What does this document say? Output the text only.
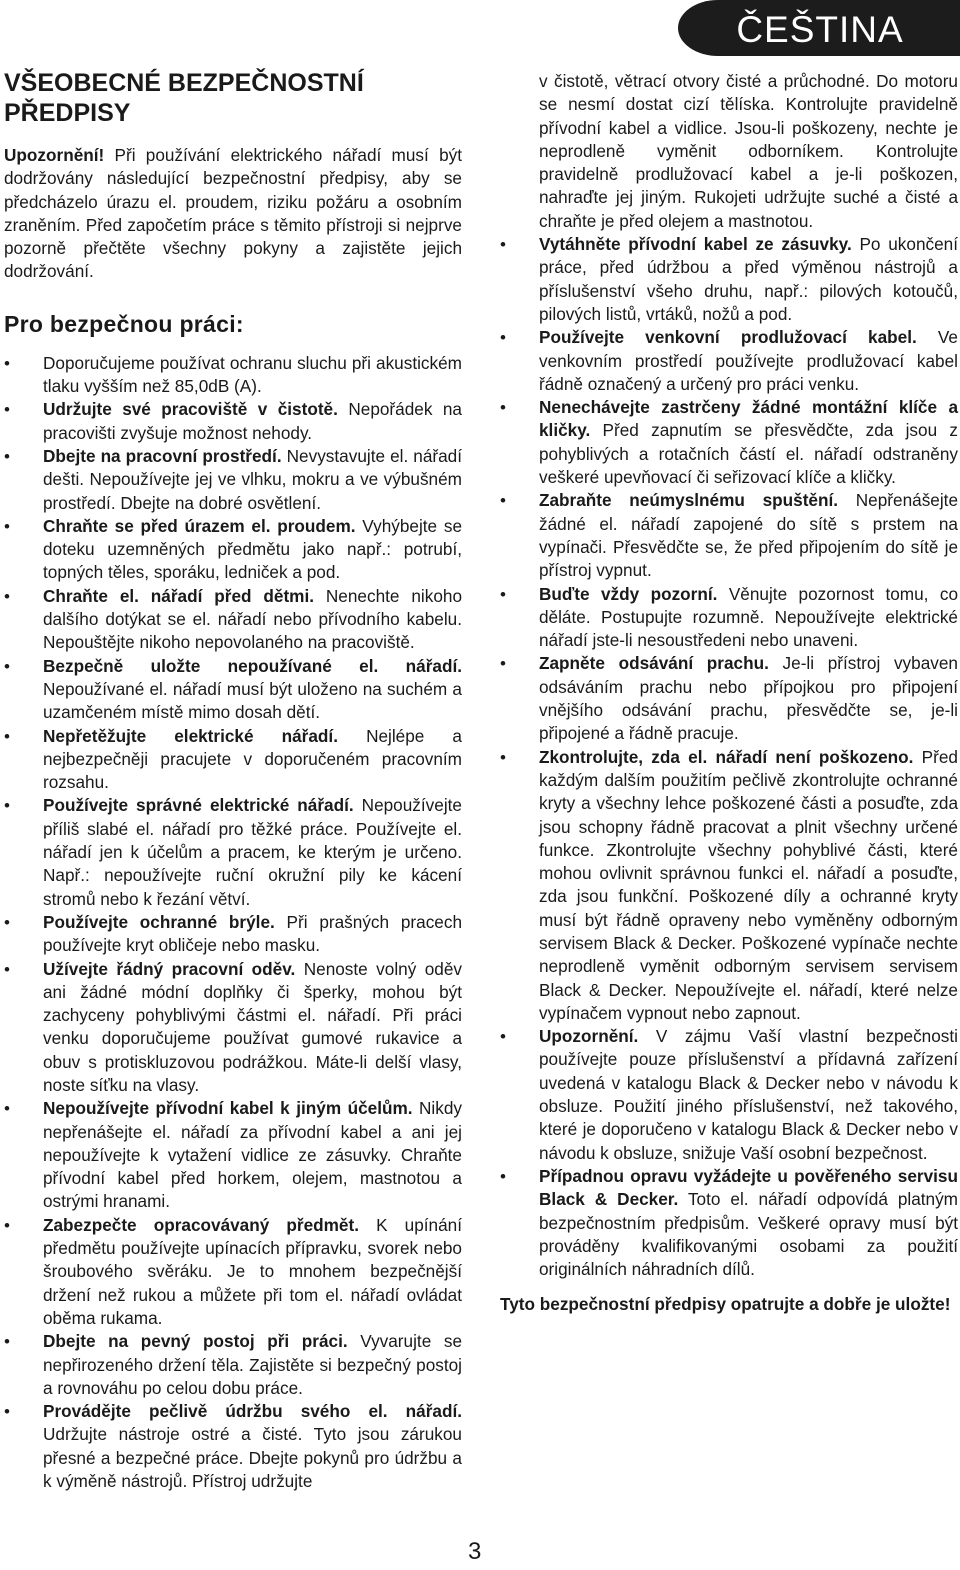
ČEŠTINA
VŠEOBECNÉ BEZPEČNOSTNÍ PŘEDPISY

Upozornění! Při používání elektrického nářadí musí být dodržovány následující bezpečnostní předpisy, aby se předcházelo úrazu el. proudem, riziku požáru a osobním zraněním. Před započetím práce s těmito přístroji si nejprve pozorně přečtěte všechny pokyny a zajistěte jejich dodržování.

Pro bezpečnou práci:
• Doporučujeme používat ochranu sluchu při akustickém tlaku vyšším než 85,0dB (A).
• Udržujte své pracoviště v čistotě. Nepořádek na pracovišti zvyšuje možnost nehody.
• Dbejte na pracovní prostředí. Nevystavujte el. nářadí dešti. Nepoužívejte jej ve vlhku, mokru a ve výbušném prostředí. Dbejte na dobré osvětlení.
• Chraňte se před úrazem el. proudem. Vyhýbejte se doteku uzemněných předmětu jako např.: potrubí, topných těles, sporáku, ledniček a pod.
• Chraňte el. nářadí před dětmi. Nenechte nikoho dalšího dotýkat se el. nářadí nebo přívodního kabelu. Nepouštějte nikoho nepovolaného na pracoviště.
• Bezpečně uložte nepoužívané el. nářadí. Nepoužívané el. nářadí musí být uloženo na suchém a uzamčeném místě mimo dosah dětí.
• Nepřetěžujte elektrické nářadí. Nejlépe a nejbezpečněji pracujete v doporučeném pracovním rozsahu.
• Používejte správné elektrické nářadí. Nepoužívejte příliš slabé el. nářadí pro těžké práce. Používejte el. nářadí jen k účelům a pracem, ke kterým je určeno. Např.: nepoužívejte ruční okružní pily ke kácení stromů nebo k řezání větví.
• Používejte ochranné brýle. Při prašných pracech používejte kryt obličeje nebo masku.
• Užívejte řádný pracovní oděv. Nenoste volný oděv ani žádné módní doplňky či šperky, mohou být zachyceny pohyblivými částmi el. nářadí. Při práci venku doporučujeme používat gumové rukavice a obuv s protiskluzovou podrážkou. Máte-li delší vlasy, noste síťku na vlasy.
• Nepoužívejte přívodní kabel k jiným účelům. Nikdy nepřenášejte el. nářadí za přívodní kabel a ani jej nepoužívejte k vytažení vidlice ze zásuvky. Chraňte přívodní kabel před horkem, olejem, mastnotou a ostrými hranami.
• Zabezpečte opracovávaný předmět. K upínání předmětu používejte upínacích přípravku, svorek nebo šroubového svěráku. Je to mnohem bezpečnější držení než rukou a můžete při tom el. nářadí ovládat oběma rukama.
• Dbejte na pevný postoj při práci. Vyvarujte se nepřirozeného držení těla. Zajistěte si bezpečný postoj a rovnováhu po celou dobu práce.
• Provádějte pečlivě údržbu svého el. nářadí. Udržujte nástroje ostré a čisté. Tyto jsou zárukou přesné a bezpečné práce. Dbejte pokynů pro údržbu a k výměně nástrojů. Přístroj udržujte

v čistotě, větrací otvory čisté a průchodné. Do motoru se nesmí dostat cizí tělíska. Kontrolujte pravidelně přívodní kabel a vidlice. Jsou-li poškozeny, nechte je neprodleně vyměnit odborníkem. Kontrolujte pravidelně prodlužovací kabel a je-li poškozen, nahraďte jej jiným. Rukojeti udržujte suché a čisté a chraňte je před olejem a mastnotou.

• Vytáhněte přívodní kabel ze zásuvky. Po ukončení práce, před údržbou a před výměnou nástrojů a příslušenství všeho druhu, např.: pilových kotoučů, pilových listů, vrtáků, nožů a pod.
• Používejte venkovní prodlužovací kabel. Ve venkovním prostředí používejte prodlužovací kabel řádně označený a určený pro práci venku.
• Nenechávejte zastrčeny žádné montážní klíče a kličky. Před zapnutím se přesvědčte, zda jsou z pohyblivých a rotačních částí el. nářadí odstraněny veškeré upevňovací či seřizovací klíče a kličky.
• Zabraňte neúmyslnému spuštění. Nepřenášejte žádné el. nářadí zapojené do sítě s prstem na vypínači. Přesvědčte se, že před připojením do sítě je přístroj vypnut.
• Buďte vždy pozorní. Věnujte pozornost tomu, co děláte. Postupujte rozumně. Nepoužívejte elektrické nářadí jste-li nesoustředeni nebo unaveni.
• Zapněte odsávání prachu. Je-li přístroj vybaven odsáváním prachu nebo přípojkou pro připojení vnějšího odsávání prachu, přesvědčte se, je-li připojené a řádně pracuje.
• Zkontrolujte, zda el. nářadí není poškozeno. Před každým dalším použitím pečlivě zkontrolujte ochranné kryty a všechny lehce poškozené části a posuďte, zda jsou schopny řádně pracovat a plnit všechny určené funkce. Zkontrolujte všechny pohyblivé části, které mohou ovlivnit správnou funkci el. nářadí a posuďte, zda jsou funkční. Poškozené díly a ochranné kryty musí být řádně opraveny nebo vyměněny odborným servisem Black & Decker. Poškozené vypínače nechte neprodleně vyměnit odborným servisem servisem Black & Decker. Nepoužívejte el. nářadí, které nelze vypínačem vypnout nebo zapnout.
• Upozornění. V zájmu Vaší vlastní bezpečnosti používejte pouze příslušenství a přídavná zařízení uvedená v katalogu Black & Decker nebo v návodu k obsluze. Použití jiného příslušenství, než takového, které je doporučeno v katalogu Black & Decker nebo v návodu k obsluze, snižuje Vaší osobní bezpečnost.
• Případnou opravu vyžádejte u pověřeného servisu Black & Decker. Toto el. nářadí odpovídá platným bezpečnostním předpisům. Veškeré opravy musí být prováděny kvalifikovanými osobami za použití originálních náhradních dílů.

Tyto bezpečnostní předpisy opatrujte a dobře je uložte!

3
